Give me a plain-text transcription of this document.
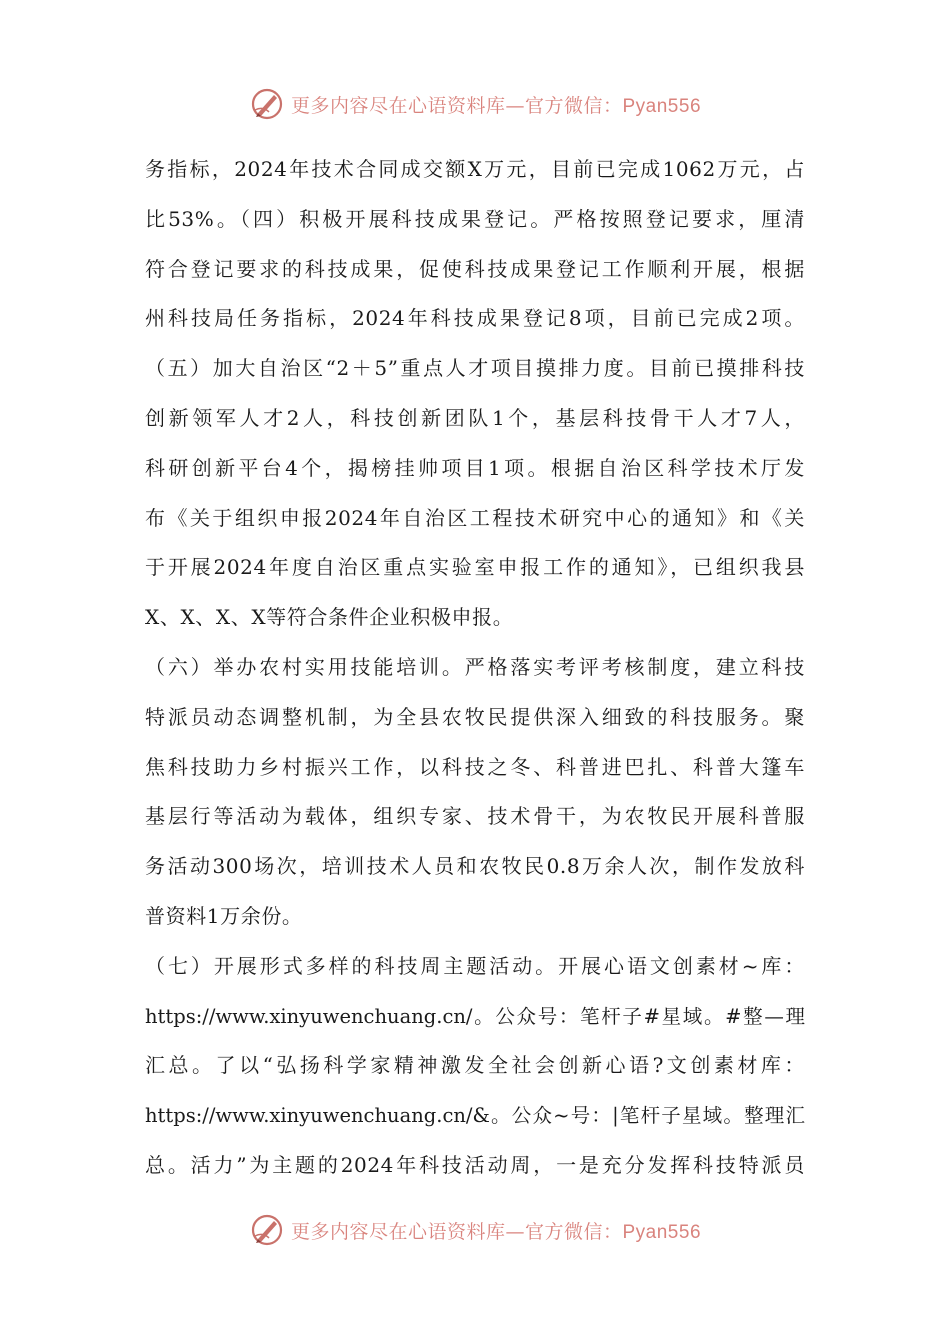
更多内容尽在心语资料库—官方微信：Pyan556
务指标，2024年技术合同成交额X万元，目前已完成1062万元，占
比53%。（四）积极开展科技成果登记。严格按照登记要求，厘清
符合登记要求的科技成果，促使科技成果登记工作顺利开展，根据
州科技局任务指标，2024年科技成果登记8项，目前已完成2项。
（五）加大自治区“2＋5”重点人才项目摸排力度。目前已摸排科技
创新领军人才2人，科技创新团队1个，基层科技骨干人才7人，
科研创新平台4个，揭榜挂帅项目1项。根据自治区科学技术厅发
布《关于组织申报2024年自治区工程技术研究中心的通知》和《关
于开展2024年度自治区重点实验室申报工作的通知》，已组织我县
X、X、X、X等符合条件企业积极申报。
（六）举办农村实用技能培训。严格落实考评考核制度，建立科技
特派员动态调整机制，为全县农牧民提供深入细致的科技服务。聚
焦科技助力乡村振兴工作，以科技之冬、科普进巴扎、科普大篷车
基层行等活动为载体，组织专家、技术骨干，为农牧民开展科普服
务活动300场次，培训技术人员和农牧民0.8万余人次，制作发放科
普资料1万余份。
（七）开展形式多样的科技周主题活动。开展心语文创素材~库：
https://www.xinyuwenchuang.cn/。公众号：笔杆子#星域。#整—理
汇总。了以“弘扬科学家精神激发全社会创新心语?文创素材库：
https://www.xinyuwenchuang.cn/&。公众~号：|笔杆子星域。整理汇
总。活力”为主题的2024年科技活动周，一是充分发挥科技特派员
更多内容尽在心语资料库—官方微信：Pyan556
